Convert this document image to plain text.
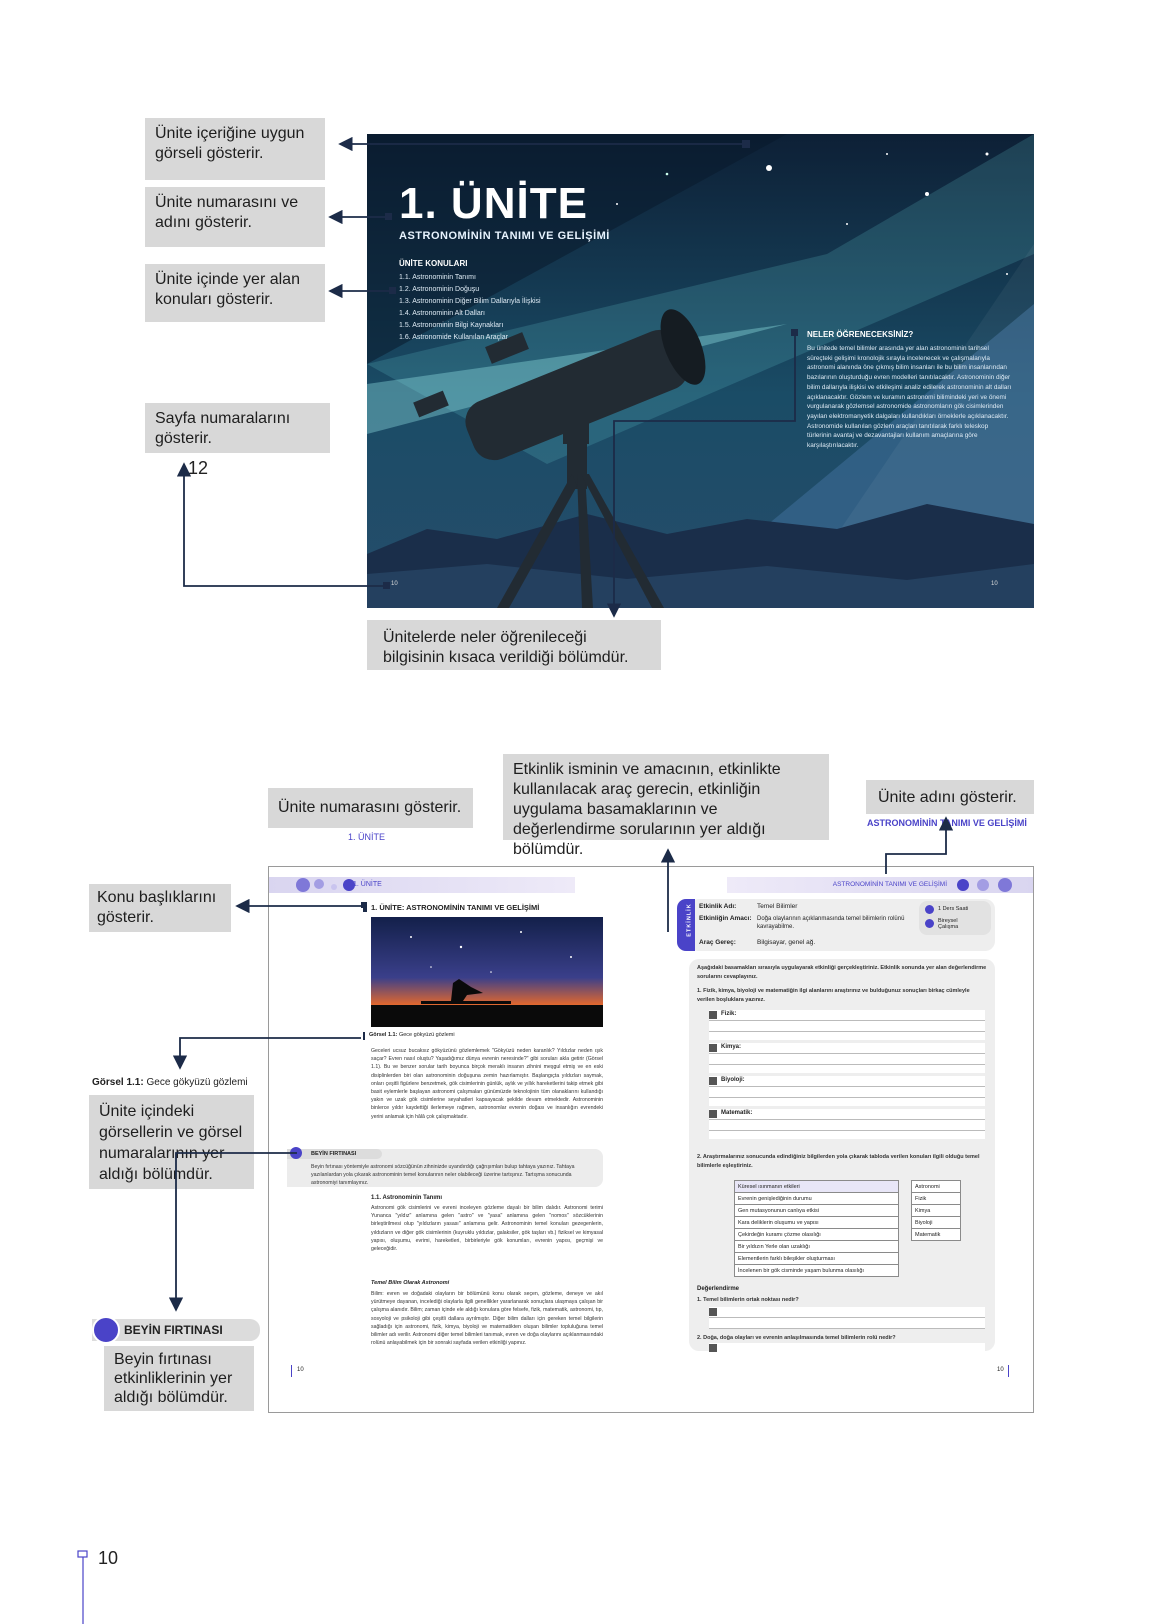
1. ÜNİTE
ASTRONOMİNİN TANIMI VE GELİŞİMİ
ÜNİTE KONULARI
1.1. Astronominin Tanımı
1.2. Astronominin Doğuşu
1.3. Astronominin Diğer Bilim Dallarıyla İlişkisi
1.4. Astronominin Alt Dalları
1.5. Astronominin Bilgi Kaynakları
1.6. Astronomide Kullanılan Araçlar	NELER ÖĞRENECEKSİNİZ?
Bu ünitede temel bilimler arasında yer alan astronominin tarihsel süreçteki gelişimi kronolojik sırayla incelenecek ve çalışmalarıyla astronomi alanında öne çıkmış bilim insanları ile bu bilim insanlarından bazılarının oluşturduğu evren modelleri tanıtılacaktır. Astronominin diğer bilim dallarıyla ilişkisi ve etkileşimi analiz edilerek astronominin alt dalları açıklanacaktır. Gözlem ve kuramın astronomi bilimindeki yeri ve önemi vurgulanarak gözlemsel astronomide astronomların gök cisimlerinden yayılan elektromanyetik dalgaları kullandıkları örneklerle açıklanacaktır. Astronomide kullanılan gözlem araçları tanıtılarak farklı teleskop türlerinin avantaj ve dezavantajları kullanım amaçlarına göre karşılaştırılacaktır.
10	10
1. ÜNİTE	ASTRONOMİNİN TANIMI VE GELİŞİMİ
1. ÜNİTE: ASTRONOMİNİN TANIMI VE GELİŞİMİ
Görsel 1.1: Gece gökyüzü gözlemi
Geceleri ucsuz bucaksız gökyüzünü gözlemlemek "Gökyüzü neden karanlık? Yıldızlar neden ışık saçar? Evren nasıl oluştu? Yaşadığımız dünya evrenin neresinde?" gibi soruları akla getirir (Görsel 1.1). Bu ve benzer sorular tarih boyunca birçok meraklı insanın zihnini meşgul etmiş ve en eski disiplinlerden biri olan astronominin doğuşuna zemin hazırlamıştır. Başlangıçta yıldızları saymak, onları çeşitli figürlere benzetmek, gök cisimlerinin günlük, aylık ve yıllık hareketlerini takip etmek gibi basit eylemlerle başlayan astronomi çalışmaları günümüzde teknolojinin tüm olanaklarını kullandığı yakın ve uzak gök cisimlerine seyahatleri kapsayacak şekilde devam etmektedir. Astronominin binlerce yıldır kaydettiği ilerlemeye rağmen, astronomlar evrenin doğası ve insanlığın evrendeki yerini anlamak için hâlâ çok çalışmaktadır.
BEYİN FIRTINASI
Beyin fırtınası yöntemiyle astronomi sözcüğünün zihninizde uyandırdığı çağrışımları bulup tahtaya yazınız. Tahtaya yazılanlardan yola çıkarak astronominin temel konularının neler olabileceği üzerine tartışınız. Tartışma sonucunda astronomiyi tanımlayınız.
1.1. Astronominin Tanımı
Astronomi gök cisimlerini ve evreni inceleyen gözleme dayalı bir bilim dalıdır. Astronomi terimi Yunanca "yıldız" anlamına gelen "astro" ve "yasa" anlamına gelen "nomos" sözcüklerinin birleştirilmesi olup "yıldızların yasası" anlamına gelir. Astronominin temel konuları gezegenlerin, yıldızların ve diğer gök cisimlerinin (kuyruklu yıldızlar, galaksiler, gök taşları vb.) fiziksel ve kimyasal yapısı, oluşumu, evrimi, hareketleri, birbirleriyle gök konumları, evrenin yapısı, geçmişi ve geleceğidir.
Temel Bilim Olarak Astronomi
Bilim: evren ve doğadaki olayların bir bölümünü konu olarak seçen, gözleme, deneye ve akıl yürütmeye dayanan, incelediği olaylarla ilgili genellikler yararlanarak sonuçlara ulaşmaya çalışan bir çalışma alanıdır. Bilim; zaman içinde ele aldığı konulara göre felsefe, fizik, matematik, astronomi, tıp, sosyoloji ve psikoloji gibi çeşitli dallara ayrılmıştır. Diğer bilim dalları için gereken temel bilgilerin sağladığı için astronomi, fizik, kimya, biyoloji ve matematikten oluşan bilimler topluluğuna temel bilimler adı verilir. Astronomi diğer temel bilimleri tanımak, evren ve doğa olaylarını açıklanmasındaki rolünü anlayabilmek için bir sonraki sayfada verilen etkinliği yapınız.
10	10
ETKİNLİK Etkinlik Adı:	Temel Bilimler
Etkinliğin Amacı: Doğa olaylarının açıklanmasında temel bilimlerin rolünü kavrayabilme.
1 Ders Saati
Bireysel Çalışma
Araç Gereç:	Bilgisayar, genel ağ.
Aşağıdaki basamakları sırasıyla uygulayarak etkinliği gerçekleştiriniz. Etkinlik sonunda yer alan değerlendirme sorularını cevaplayınız.
1. Fizik, kimya, biyoloji ve matematiğin ilgi alanlarını araştırınız ve bulduğunuz sonuçları birkaç cümleyle verilen boşluklara yazınız.
Fizik:
Kimya:
Biyoloji:
Matematik:
2. Araştırmalarınız sonucunda edindiğiniz bilgilerden yola çıkarak tabloda verilen konuları ilgili olduğu temel bilimlerle eşleştiriniz.
Küresel ısınmanın etkileri
Evrenin genişlediğinin durumu
Gen mutasyonunun canlıya etkisi
Kara deliklerin oluşumu ve yapısı
Çekirdeğin kuramı çözme olasılığı
Bir yıldızın Yerle olan uzaklığı
Elementlerin farklı bileşikler oluşturması
İncelenen bir gök cisminde yaşam bulunma olasılığı
Astronomi
Fizik
Kimya
Biyoloji
Matematik
Değerlendirme
1. Temel bilimlerin ortak noktası nedir?
2. Doğa, doğa olayları ve evrenin anlaşılmasında temel bilimlerin rolü nedir?
Ünite içeriğine uygun görseli gösterir.
Ünite numarasını ve adını gösterir.
Ünite içinde yer alan konuları gösterir.
Sayfa numaralarını gösterir.
12
Ünitelerde neler öğrenileceği bilgisinin kısaca verildiği bölümdür.
Ünite numarasını gösterir.
1. ÜNİTE
Etkinlik isminin ve amacının, etkinlikte kullanılacak araç gerecin, etkinliğin uygulama basamaklarının ve değerlendirme sorularının yer aldığı bölümdür.
Ünite adını gösterir.
ASTRONOMİNİN TANIMI VE GELİŞİMİ
Konu başlıklarını gösterir.
Görsel 1.1: Gece gökyüzü gözlemi
Ünite içindeki görsellerin ve görsel numaralarının yer aldığı bölümdür.
BEYİN FIRTINASI
Beyin fırtınası etkinliklerinin yer aldığı bölümdür.
10
